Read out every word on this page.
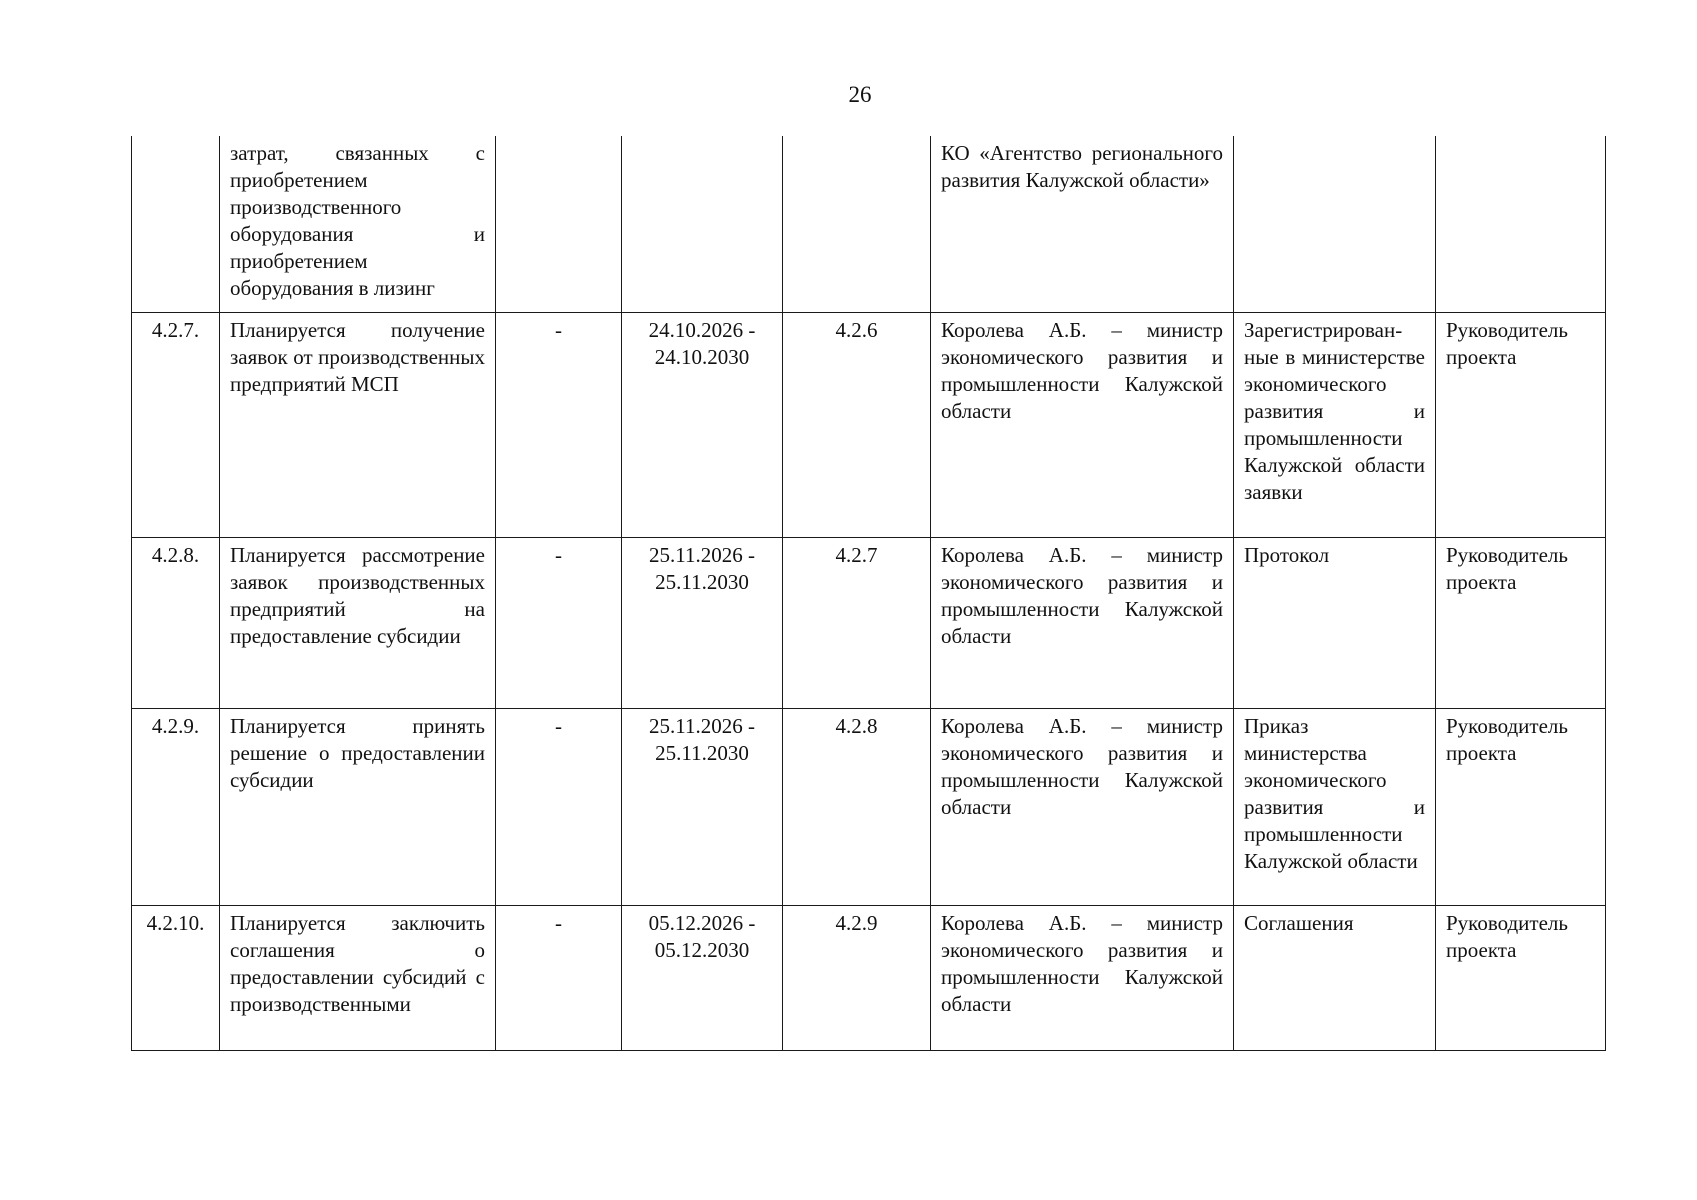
26
	затрат, связанных с приобретением производственного оборудования и приобретением оборудования в лизинг				КО «Агентство регионального развития Калужской области»		
4.2.7.	Планируется получение заявок от производственных предприятий МСП	-	24.10.2026 - 24.10.2030	4.2.6	Королева А.Б. – министр экономического развития и промышленности Калужской области	Зарегистрирован-ные в министерстве экономического развития и промышленности Калужской области заявки	Руководитель проекта
4.2.8.	Планируется рассмотрение заявок производственных предприятий на предоставление субсидии	-	25.11.2026 - 25.11.2030	4.2.7	Королева А.Б. – министр экономического развития и промышленности Калужской области	Протокол	Руководитель проекта
4.2.9.	Планируется принять решение о предоставлении субсидии	-	25.11.2026 - 25.11.2030	4.2.8	Королева А.Б. – министр экономического развития и промышленности Калужской области	Приказ министерства экономического развития и промышленности Калужской области	Руководитель проекта
4.2.10.	Планируется заключить соглашения о предоставлении субсидий с производственными	-	05.12.2026 - 05.12.2030	4.2.9	Королева А.Б. – министр экономического развития и промышленности Калужской области	Соглашения	Руководитель проекта
